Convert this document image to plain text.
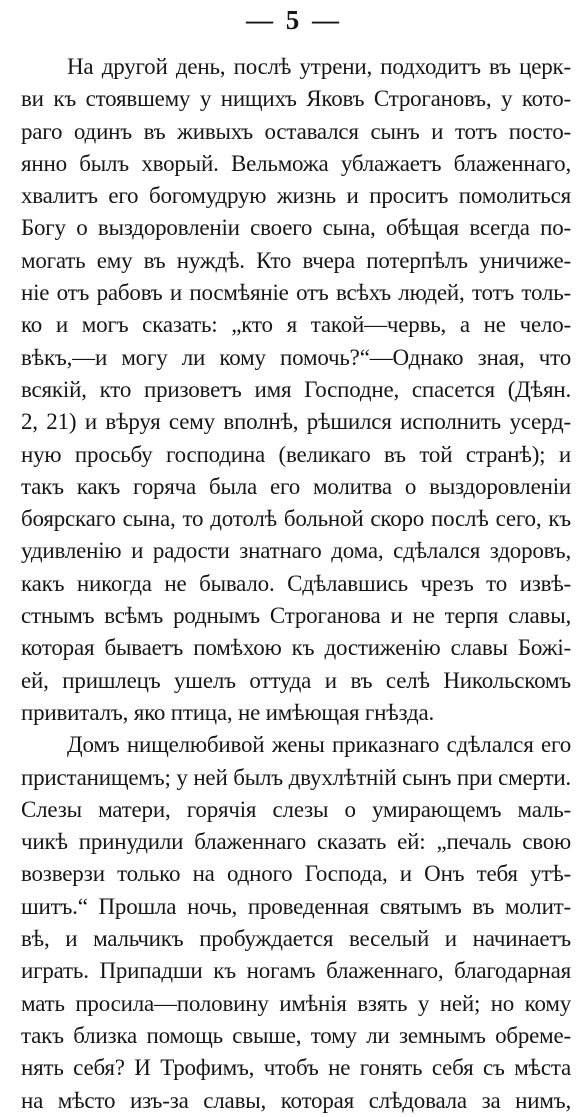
— 5 —
На другой день, послѣ утрени, подходитъ въ церк-
ви къ стоявшему у нищихъ Яковъ Строгановъ, у кото-
раго одинъ въ живыхъ оставался сынъ и тотъ посто-
янно былъ хворый. Вельможа ублажаетъ блаженнаго,
хвалитъ его богомудрую жизнь и проситъ помолиться
Богу о выздоровленіи своего сына, обѣщая всегда по-
могать ему въ нуждѣ. Кто вчера потерпѣлъ уничиже-
ніе отъ рабовъ и посмѣяніе отъ всѣхъ людей, тотъ толь-
ко и могъ сказать: „кто я такой—червь, а не чело-
вѣкъ,—и могу ли кому помочь?“—Однако зная, что
всякій, кто призоветъ имя Господне, спасется (Дѣян.
2, 21) и вѣруя сему вполнѣ, рѣшился исполнить усерд-
ную просьбу господина (великаго въ той странѣ); и
такъ какъ горяча была его молитва о выздоровленіи
боярскаго сына, то дотолѣ больной скоро послѣ сего, къ
удивленію и радости знатнаго дома, сдѣлался здоровъ,
какъ никогда не бывало. Сдѣлавшись чрезъ то извѣ-
стнымъ всѣмъ роднымъ Строганова и не терпя славы,
которая бываетъ помѣхою къ достиженію славы Божі-
ей, пришлецъ ушелъ оттуда и въ селѣ Никольскомъ
привиталъ, яко птица, не имѣющая гнѣзда.
Домъ нищелюбивой жены приказнаго сдѣлался его
пристанищемъ; у ней былъ двухлѣтній сынъ при смерти.
Слезы матери, горячія слезы о умирающемъ маль-
чикѣ принудили блаженнаго сказать ей: „печаль свою
возверзи только на одного Господа, и Онъ тебя утѣ-
шитъ.“ Прошла ночь, проведенная святымъ въ молит-
вѣ, и мальчикъ пробуждается веселый и начинаетъ
играть. Припадши къ ногамъ блаженнаго, благодарная
мать просила—половину имѣнія взять у ней; но кому
такъ близка помощь свыше, тому ли земнымъ обреме-
нять себя? И Трофимъ, чтобъ не гонять себя съ мѣста
на мѣсто изъ-за славы, которая слѣдовала за нимъ,
